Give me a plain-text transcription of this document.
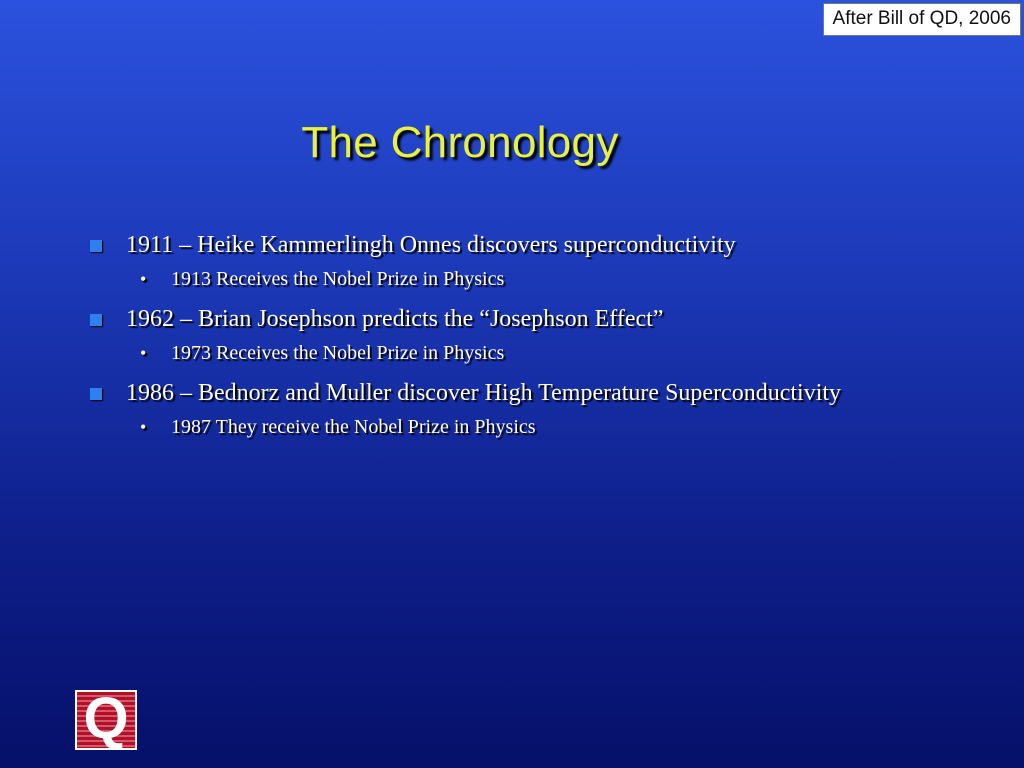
After Bill of QD, 2006
The Chronology
1911 – Heike Kammerlingh Onnes discovers superconductivity
• 1913 Receives the Nobel Prize in Physics
1962 – Brian Josephson predicts the “Josephson Effect”
• 1973 Receives the Nobel Prize in Physics
1986 – Bednorz and Muller discover High Temperature Superconductivity
• 1987 They receive the Nobel Prize in Physics
Q
